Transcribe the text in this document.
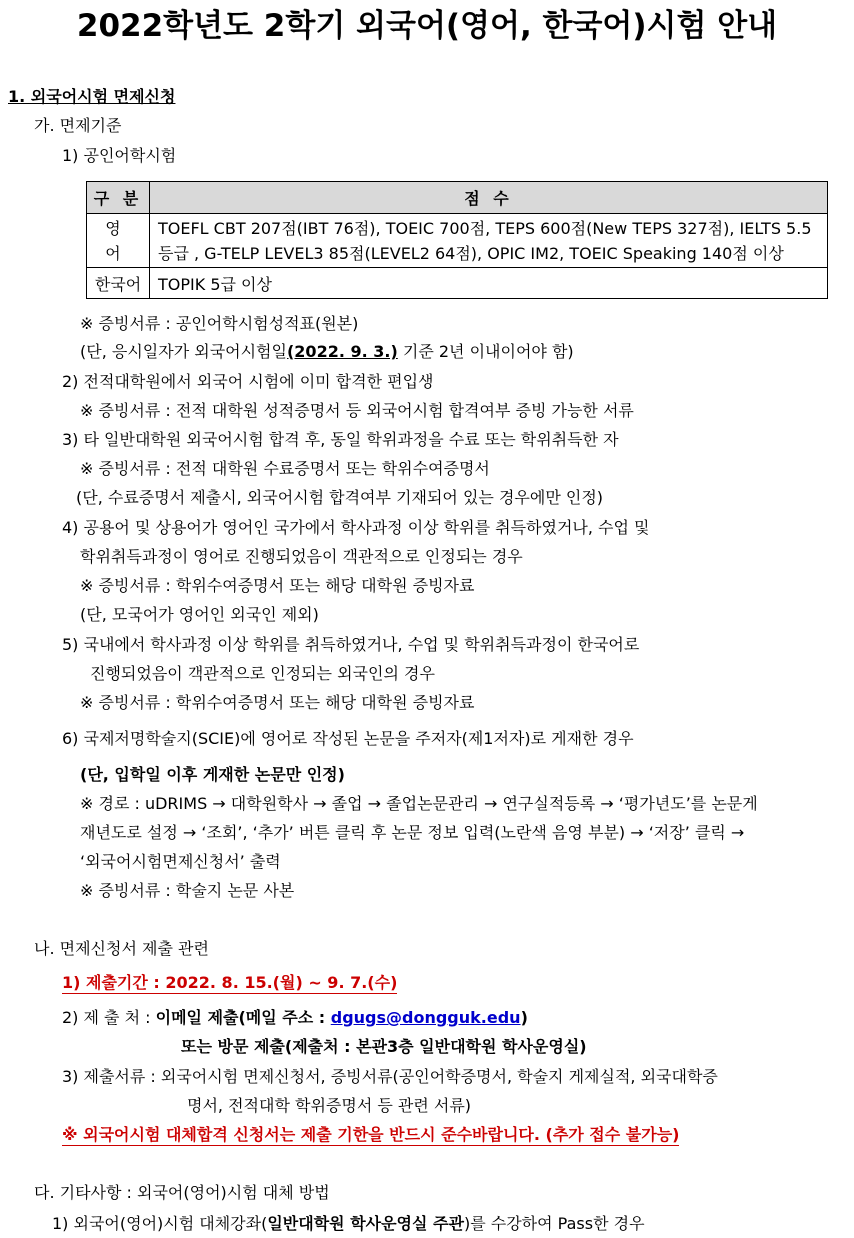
2022학년도 2학기 외국어(영어, 한국어)시험 안내
1. 외국어시험 면제신청
가. 면제기준
1) 공인어학시험
구 분	점 수
영 어	TOEFL CBT 207점(IBT 76점), TOEIC 700점, TEPS 600점(New TEPS 327점), IELTS 5.5 등급 , G-TELP LEVEL3 85점(LEVEL2 64점), OPIC IM2, TOEIC Speaking 140점 이상
한국어	TOPIK 5급 이상
※ 증빙서류 : 공인어학시험성적표(원본)
(단, 응시일자가 외국어시험일(2022. 9. 3.) 기준 2년 이내이어야 함)
2) 전적대학원에서 외국어 시험에 이미 합격한 편입생
※ 증빙서류 : 전적 대학원 성적증명서 등 외국어시험 합격여부 증빙 가능한 서류
3) 타 일반대학원 외국어시험 합격 후, 동일 학위과정을 수료 또는 학위취득한 자
※ 증빙서류 : 전적 대학원 수료증명서 또는 학위수여증명서
(단, 수료증명서 제출시, 외국어시험 합격여부 기재되어 있는 경우에만 인정)
4) 공용어 및 상용어가 영어인 국가에서 학사과정 이상 학위를 취득하였거나, 수업 및
학위취득과정이 영어로 진행되었음이 객관적으로 인정되는 경우
※ 증빙서류 : 학위수여증명서 또는 해당 대학원 증빙자료
(단, 모국어가 영어인 외국인 제외)
5) 국내에서 학사과정 이상 학위를 취득하였거나, 수업 및 학위취득과정이 한국어로
진행되었음이 객관적으로 인정되는 외국인의 경우
※ 증빙서류 : 학위수여증명서 또는 해당 대학원 증빙자료
6) 국제저명학술지(SCIE)에 영어로 작성된 논문을 주저자(제1저자)로 게재한 경우
(단, 입학일 이후 게재한 논문만 인정)
※ 경로 : uDRIMS → 대학원학사 → 졸업 → 졸업논문관리 → 연구실적등록 → ‘평가년도’를 논문게
재년도로 설정 → ‘조회’, ‘추가’ 버튼 클릭 후 논문 정보 입력(노란색 음영 부분) → ‘저장’ 클릭 →
‘외국어시험면제신청서’ 출력
※ 증빙서류 : 학술지 논문 사본
나. 면제신청서 제출 관련
1) 제출기간 : 2022. 8. 15.(월) ~ 9. 7.(수)
2) 제 출 처 : 이메일 제출(메일 주소 : dgugs@dongguk.edu)
또는 방문 제출(제출처 : 본관3층 일반대학원 학사운영실)
3) 제출서류 : 외국어시험 면제신청서, 증빙서류(공인어학증명서, 학술지 게제실적, 외국대학증
명서, 전적대학 학위증명서 등 관련 서류)
※ 외국어시험 대체합격 신청서는 제출 기한을 반드시 준수바랍니다. (추가 접수 불가능)
다. 기타사항 : 외국어(영어)시험 대체 방법
1) 외국어(영어)시험 대체강좌(일반대학원 학사운영실 주관)를 수강하여 Pass한 경우
